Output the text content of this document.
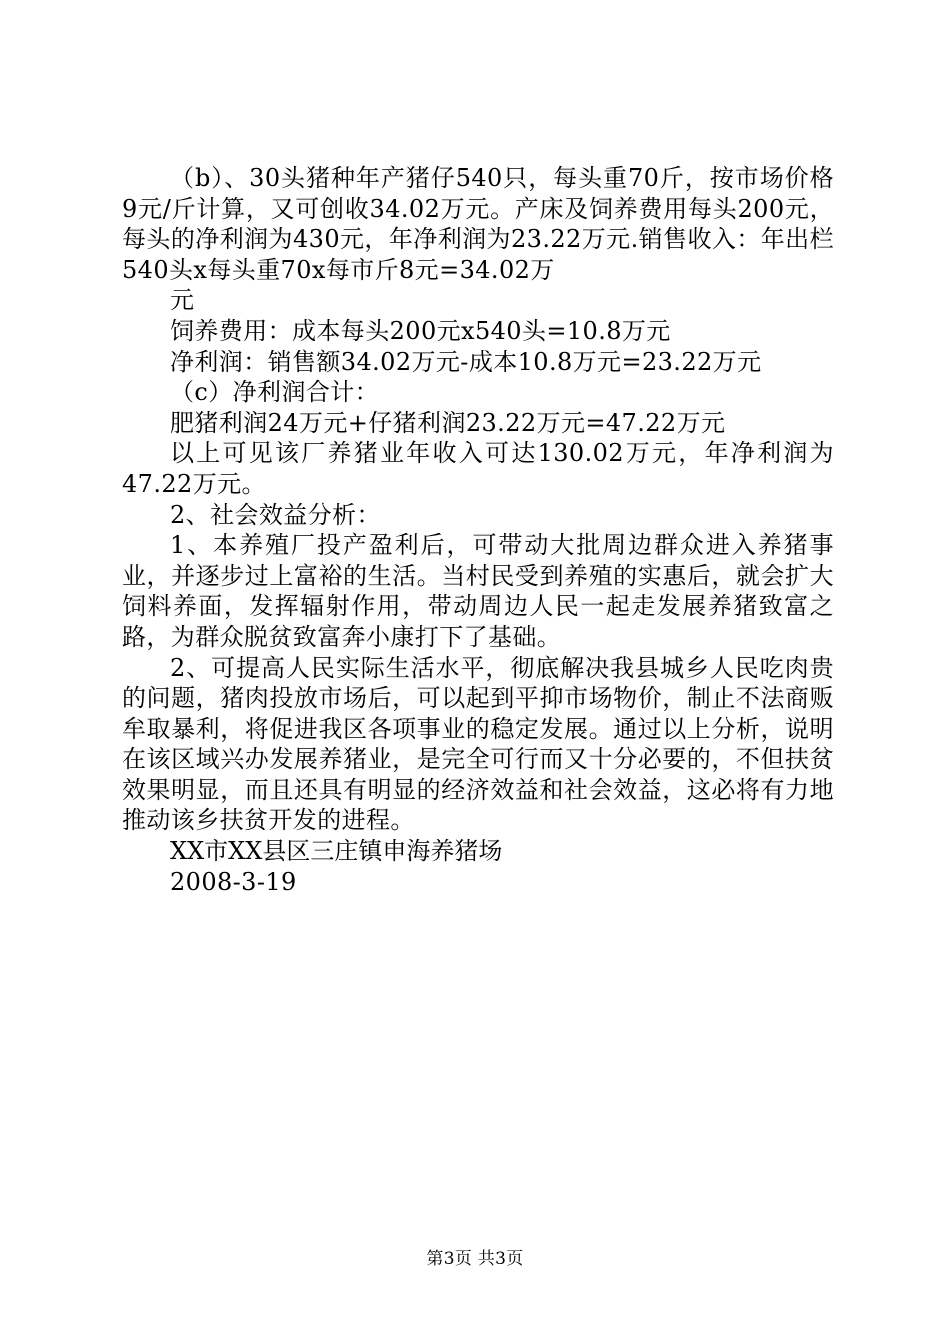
（b）、30头猪种年产猪仔540只，每头重70斤，按市场价格9元/斤计算，又可创收34.02万元。产床及饲养费用每头200元，每头的净利润为430元，年净利润为23.22万元.销售收入：年出栏540头x每头重70x每市斤8元=34.02万

元

饲养费用：成本每头200元x540头=10.8万元

净利润：销售额34.02万元-成本10.8万元=23.22万元

（c）净利润合计：

肥猪利润24万元+仔猪利润23.22万元=47.22万元

以上可见该厂养猪业年收入可达130.02万元，年净利润为47.22万元。

2、社会效益分析：

1、本养殖厂投产盈利后，可带动大批周边群众进入养猪事业，并逐步过上富裕的生活。当村民受到养殖的实惠后，就会扩大饲料养面，发挥辐射作用，带动周边人民一起走发展养猪致富之路，为群众脱贫致富奔小康打下了基础。

2、可提高人民实际生活水平，彻底解决我县城乡人民吃肉贵的问题，猪肉投放市场后，可以起到平抑市场物价，制止不法商贩牟取暴利，将促进我区各项事业的稳定发展。通过以上分析，说明在该区域兴办发展养猪业，是完全可行而又十分必要的，不但扶贫效果明显，而且还具有明显的经济效益和社会效益，这必将有力地推动该乡扶贫开发的进程。

XX市XX县区三庄镇申海养猪场

2008-3-19

第3页 共3页
